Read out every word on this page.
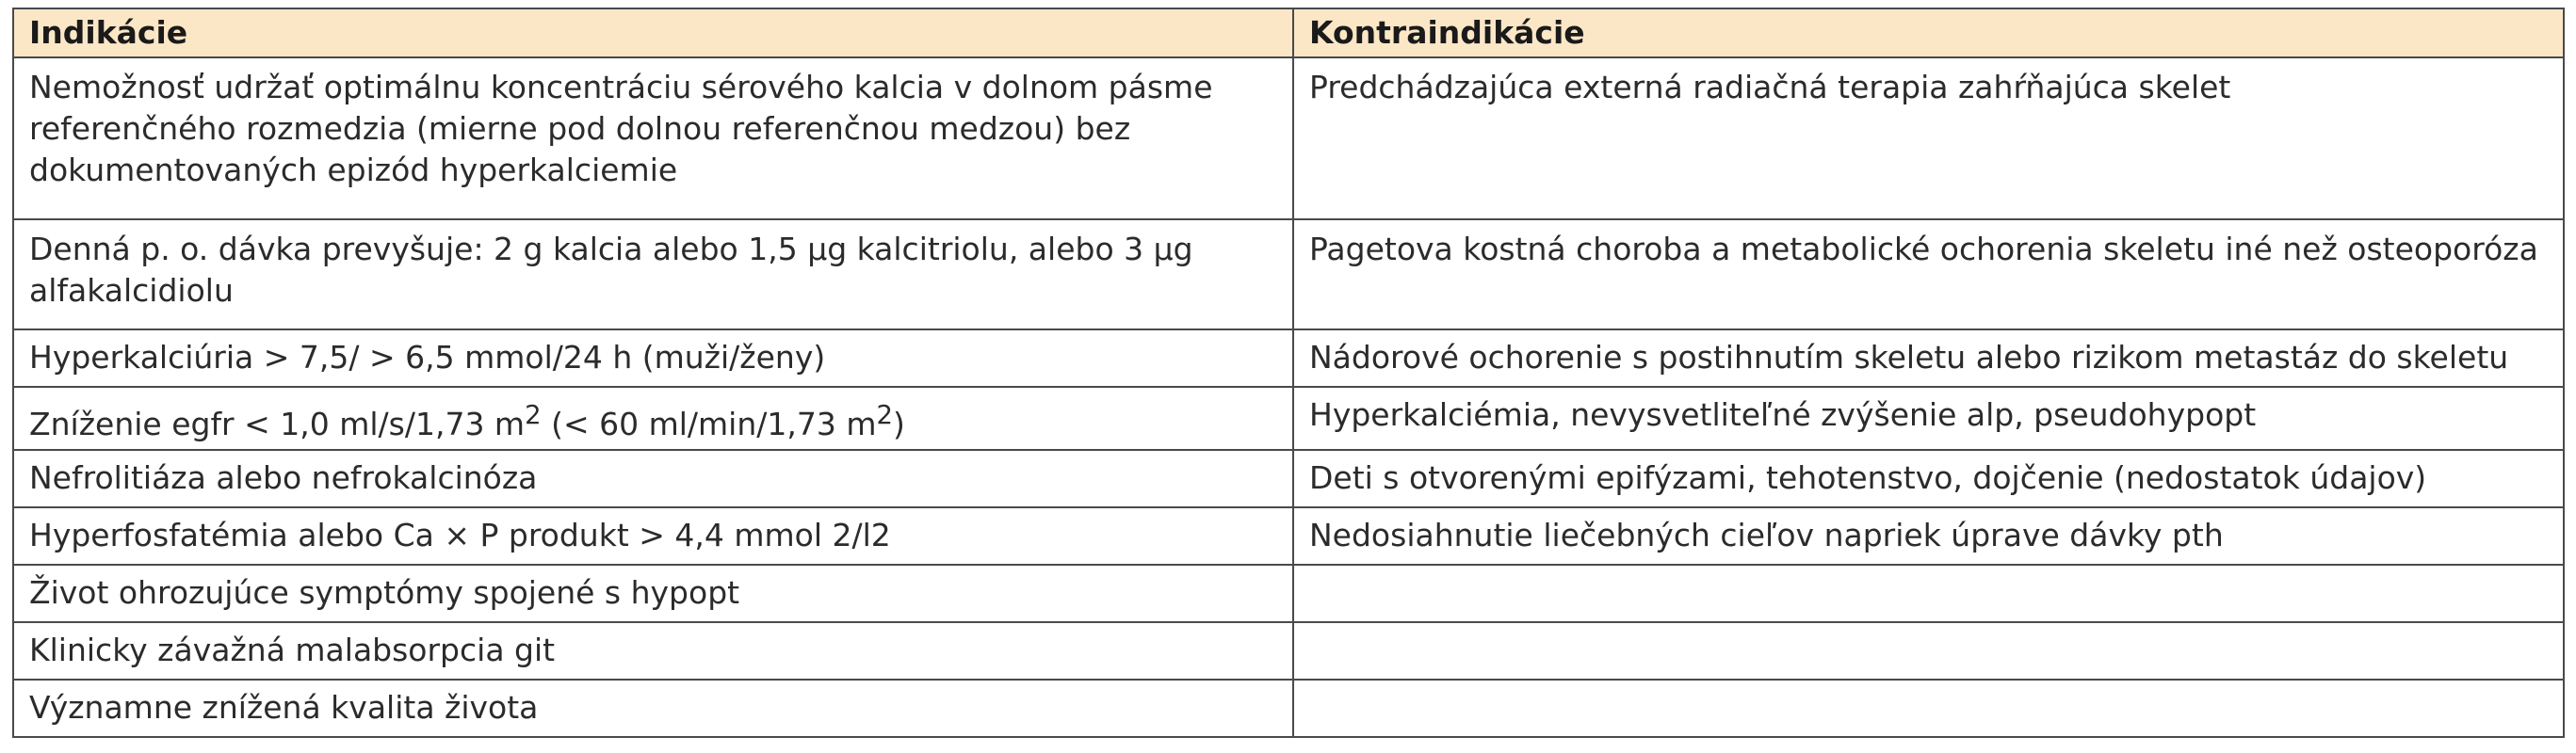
Indikácie	Kontraindikácie
Nemožnosť udržať optimálnu koncentráciu sérového kalcia v dolnom pásme referenčného rozmedzia (mierne pod dolnou referenčnou medzou) bez dokumentovaných epizód hyperkalciemie	Predchádzajúca externá radiačná terapia zahŕňajúca skelet
Denná p. o. dávka prevyšuje: 2 g kalcia alebo 1,5 μg kalcitriolu, alebo 3 μg alfakalcidiolu	Pagetova kostná choroba a metabolické ochorenia skeletu iné než osteoporóza
Hyperkalciúria > 7,5/ > 6,5 mmol/24 h (muži/ženy)	Nádorové ochorenie s postihnutím skeletu alebo rizikom metastáz do skeletu
Zníženie egfr < 1,0 ml/s/1,73 $m^2$ (< 60 ml/min/1,73 $m^2$)	Hyperkalciémia, nevysvetliteľné zvýšenie alp, pseudohypopt
Nefrolitiáza alebo nefrokalcinóza	Deti s otvorenými epifýzami, tehotenstvo, dojčenie (nedostatok údajov)
Hyperfosfatémia alebo Ca × P produkt > 4,4 mmol 2/l2	Nedosiahnutie liečebných cieľov napriek úprave dávky pth
Život ohrozujúce symptómy spojené s hypopt	
Klinicky závažná malabsorpcia git	
Významne znížená kvalita života	
